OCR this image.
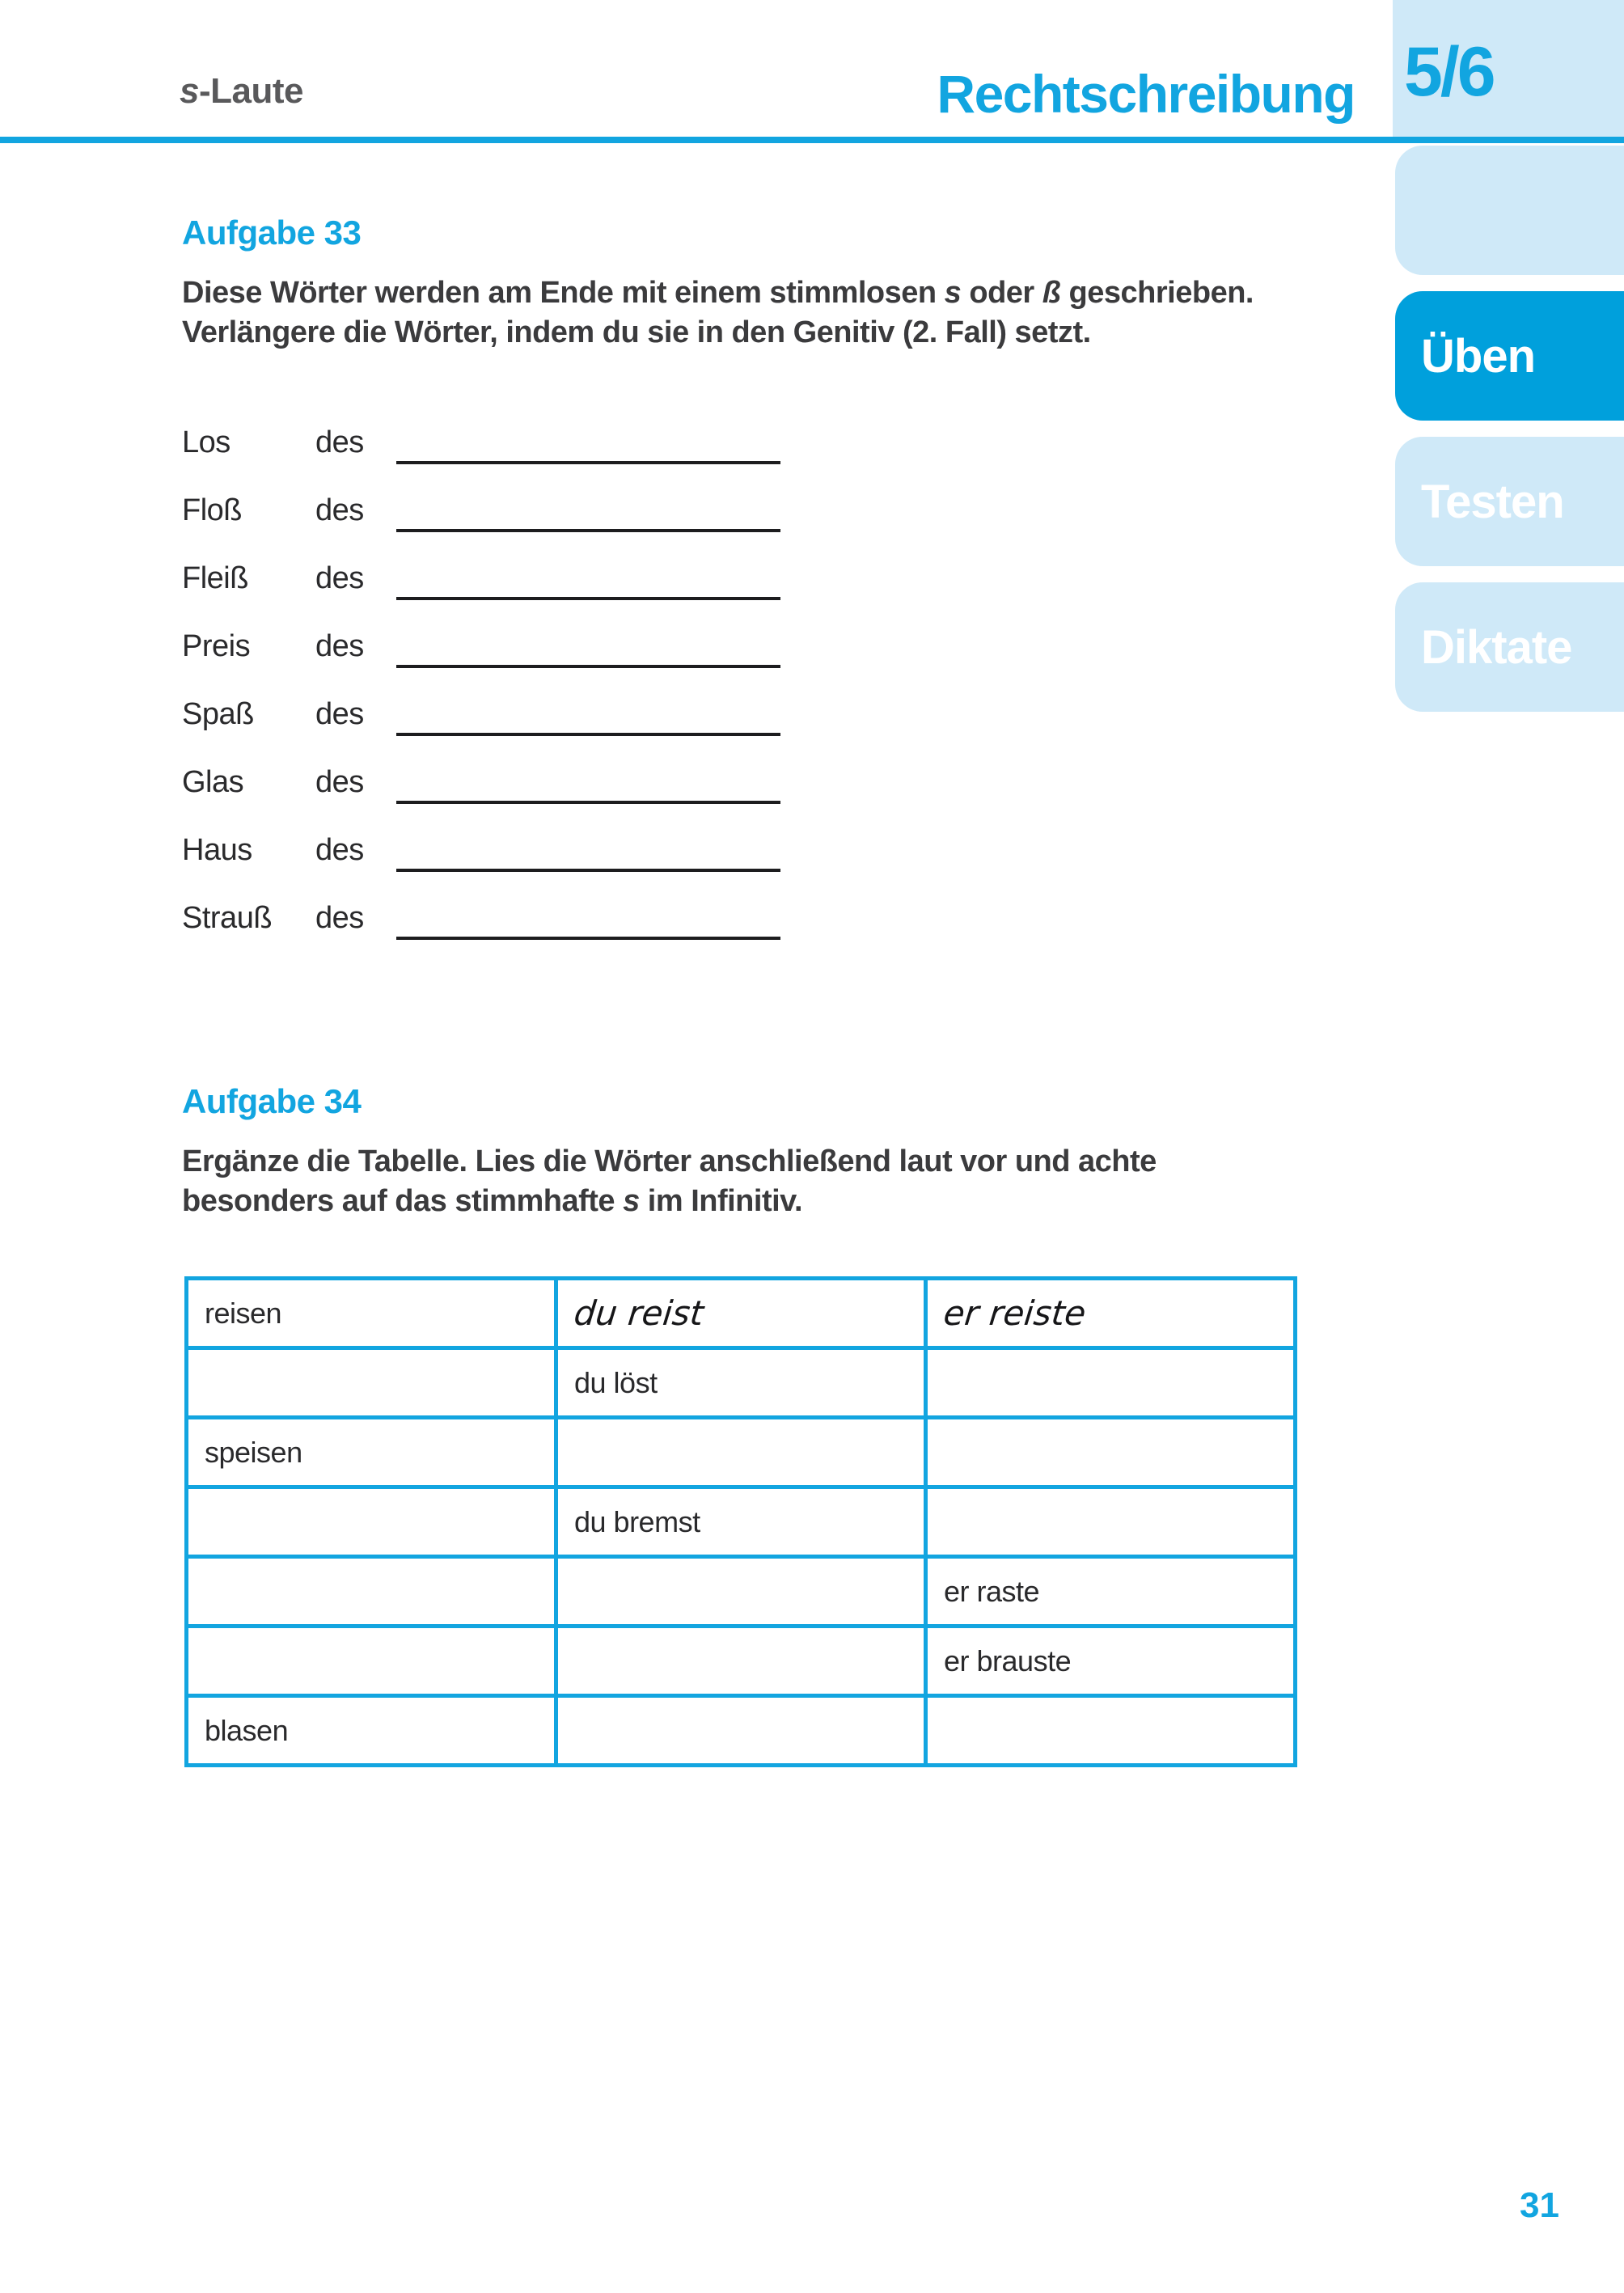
s-Laute	Rechtschreibung 5/6
Üben
Testen
Diktate
Aufgabe 33
Diese Wörter werden am Ende mit einem stimmlosen s oder ß geschrieben.
Verlängere die Wörter, indem du sie in den Genitiv (2. Fall) setzt.
Los	des
Floß des
Fleiß des
Preis des
Spaß des
Glas des
Haus des
Strauß des
Aufgabe 34
Ergänze die Tabelle. Lies die Wörter anschließend laut vor und achte
besonders auf das stimmhafte s im Infinitiv.
reisen	du reist	er reiste
	du löst	
speisen		
	du bremst	
		er raste
		er brauste
blasen		
31
